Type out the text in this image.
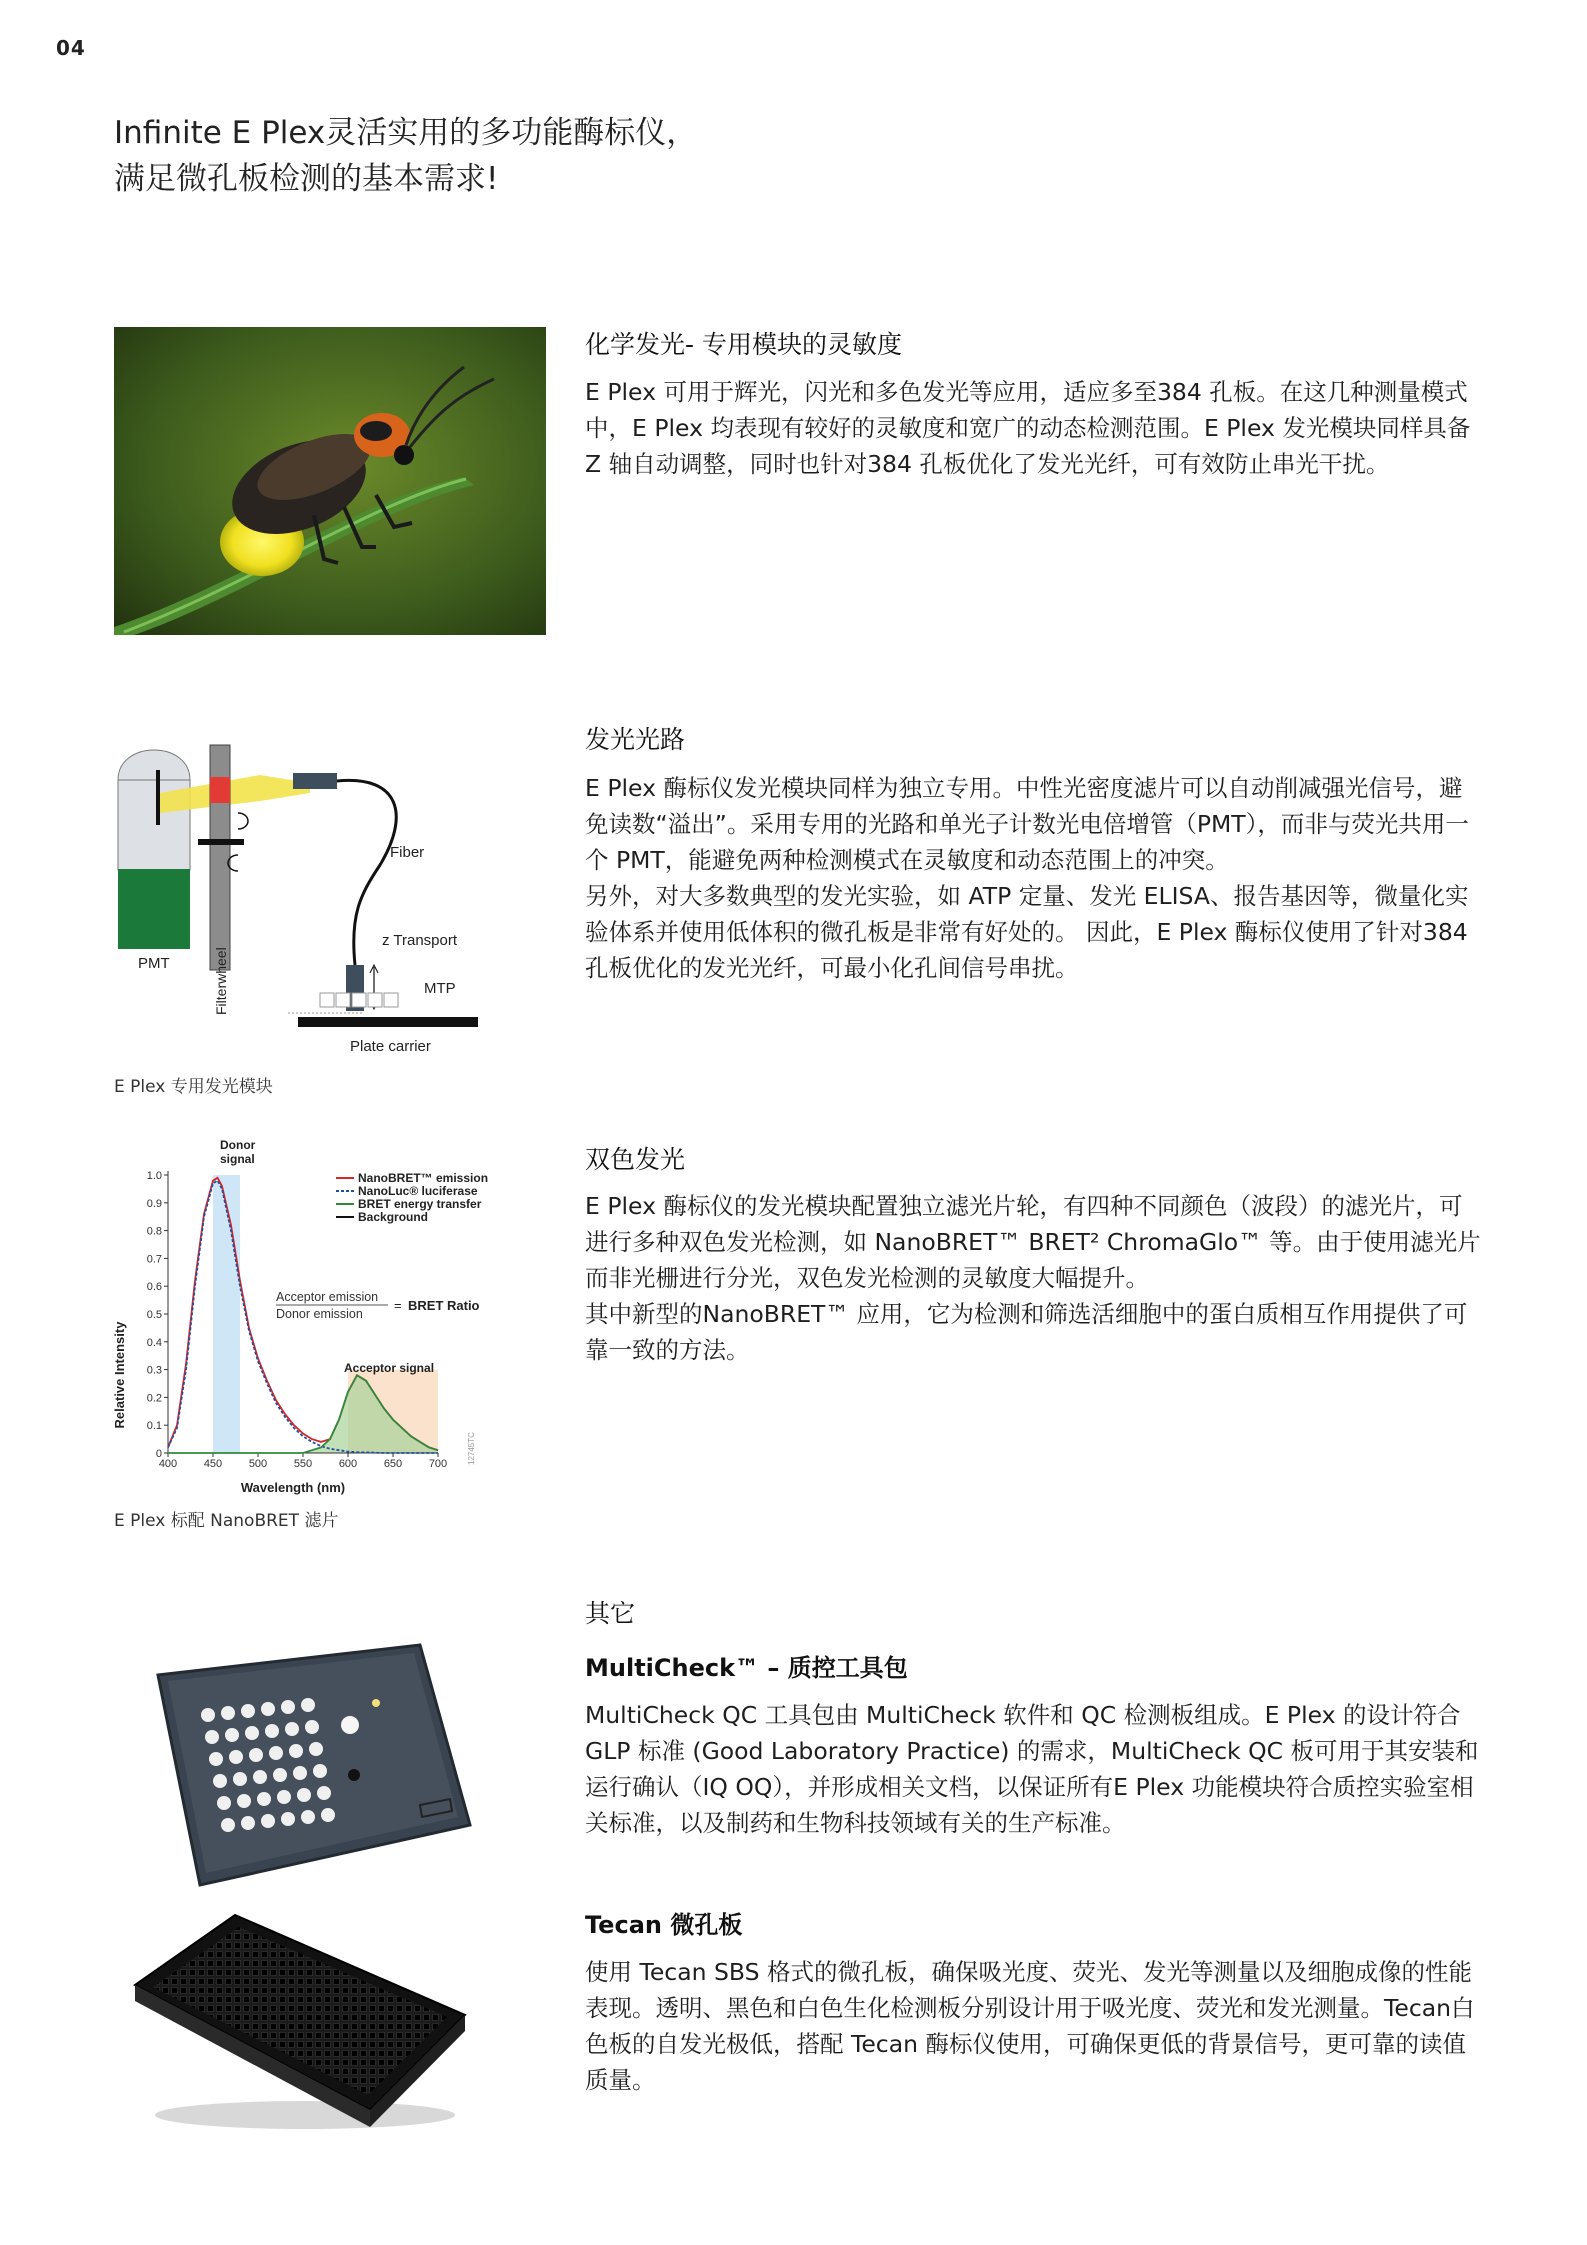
04
Infinite E Plex灵活实用的多功能酶标仪，
满足微孔板检测的基本需求!
化学发光- 专用模块的灵敏度

E Plex 可用于辉光，闪光和多色发光等应用，适应多至384 孔板。在这几种测量模式中，E Plex 均表现有较好的灵敏度和宽广的动态检测范围。E Plex 发光模块同样具备Z 轴自动调整，同时也针对384 孔板优化了发光光纤，可有效防止串光干扰。

PMT	Filterwheel
Fiber
z Transport
MTP
Plate carrier
E Plex 专用发光模块
发光光路

E Plex 酶标仪发光模块同样为独立专用。中性光密度滤片可以自动削减强光信号，避免读数“溢出”。采用专用的光路和单光子计数光电倍增管（PMT），而非与荧光共用一个 PMT，能避免两种检测模式在灵敏度和动态范围上的冲突。

另外，对大多数典型的发光实验，如 ATP 定量、发光 ELISA、报告基因等，微量化实验体系并使用低体积的微孔板是非常有好处的。 因此，E Plex 酶标仪使用了针对384 孔板优化的发光光纤，可最小化孔间信号串扰。

0
0.1
0.2
0.3
0.4
0.5
0.6
0.7
0.8
0.9
1.0
400 450 500 550 600 650 700
Donor
signal
Acceptor signal
Acceptor emission
Donor emission
= BRET Ratio
12745TC
NanoBRET™ emission
NanoLuc® luciferase
BRET energy transfer
Background
Relative Intensity
Wavelength (nm)
E Plex 标配 NanoBRET 滤片
双色发光

E Plex 酶标仪的发光模块配置独立滤光片轮，有四种不同颜色（波段）的滤光片，可进行多种双色发光检测，如 NanoBRET™ BRET² ChromaGlo™ 等。由于使用滤光片而非光栅进行分光，双色发光检测的灵敏度大幅提升。

其中新型的NanoBRET™ 应用，它为检测和筛选活细胞中的蛋白质相互作用提供了可靠一致的方法。

其它
MultiCheck™ – 质控工具包

MultiCheck QC 工具包由 MultiCheck 软件和 QC 检测板组成。E Plex 的设计符合 GLP 标准 (Good Laboratory Practice) 的需求，MultiCheck QC 板可用于其安装和运行确认（IQ OQ），并形成相关文档，以保证所有E Plex 功能模块符合质控实验室相关标准，以及制药和生物科技领域有关的生产标准。

Tecan 微孔板

使用 Tecan SBS 格式的微孔板，确保吸光度、荧光、发光等测量以及细胞成像的性能表现。透明、黑色和白色生化检测板分别设计用于吸光度、荧光和发光测量。Tecan白色板的自发光极低，搭配 Tecan 酶标仪使用，可确保更低的背景信号，更可靠的读值质量。
